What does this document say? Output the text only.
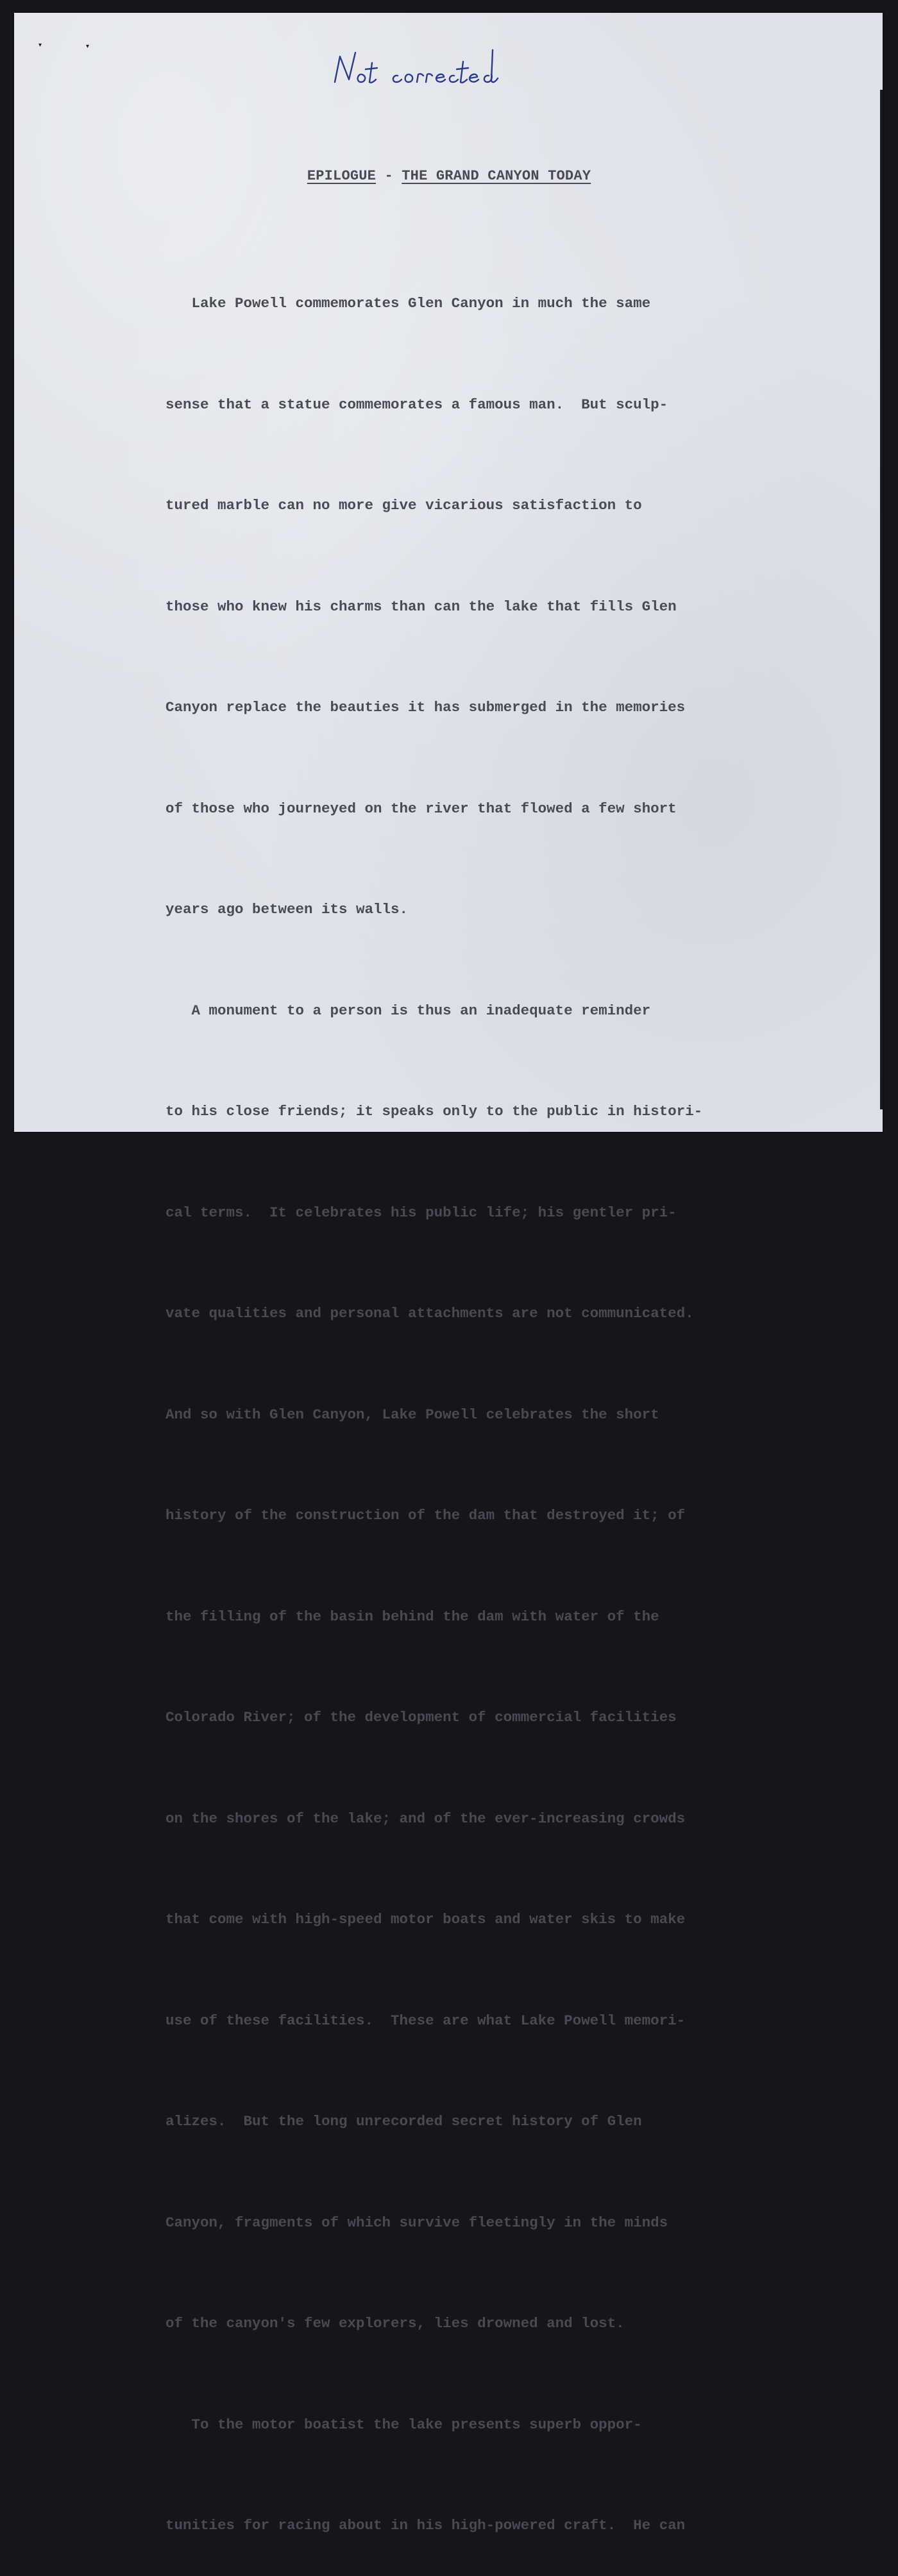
▾	▾
Not corrected
EPILOGUE - THE GRAND CANYON TODAY

Lake Powell commemorates Glen Canyon in much the same

sense that a statue commemorates a famous man.  But sculp-

tured marble can no more give vicarious satisfaction to

those who knew his charms than can the lake that fills Glen

Canyon replace the beauties it has submerged in the memories

of those who journeyed on the river that flowed a few short

years ago between its walls.

A monument to a person is thus an inadequate reminder

to his close friends; it speaks only to the public in histori-

cal terms.  It celebrates his public life; his gentler pri-

vate qualities and personal attachments are not communicated.

And so with Glen Canyon, Lake Powell celebrates the short

history of the construction of the dam that destroyed it; of

the filling of the basin behind the dam with water of the

Colorado River; of the development of commercial facilities

on the shores of the lake; and of the ever-increasing crowds

that come with high-speed motor boats and water skis to make

use of these facilities.  These are what Lake Powell memori-

alizes.  But the long unrecorded secret history of Glen

Canyon, fragments of which survive fleetingly in the minds

of the canyon's few explorers, lies drowned and lost.

To the motor boatist the lake presents superb oppor-

tunities for racing about in his high-powered craft.  He can
